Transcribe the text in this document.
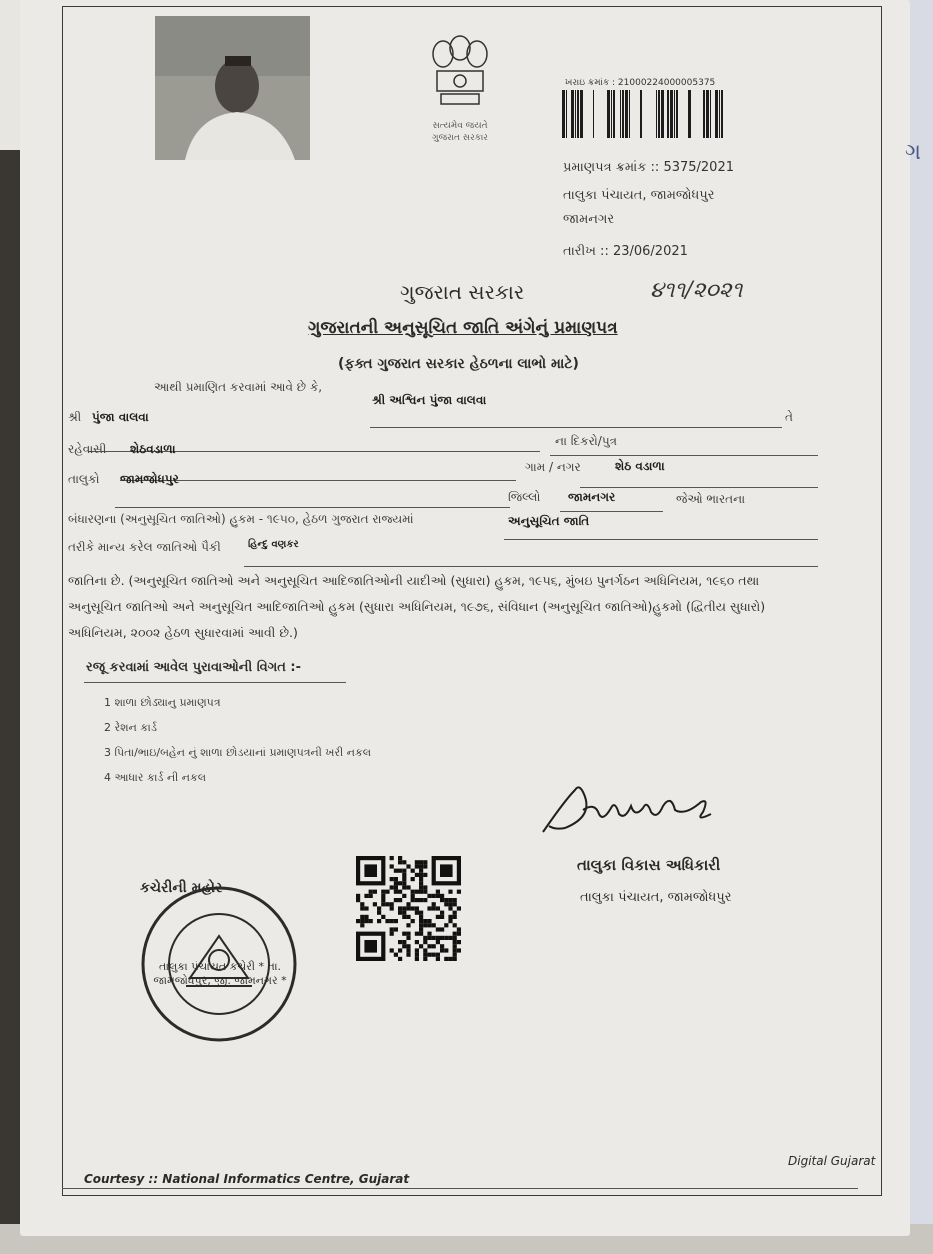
સત્યમેવ જયતે
ગુજરાત સરકાર
ખરાઇ ક્રમાંક : 21000224000005375
પ્રમાણપત્ર ક્રમાંક :: 5375/2021
તાલુકા પંચાયત, જામજોધપુર
જામનગર
તારીખ :: 23/06/2021
ગુજરાત સરકાર	૪૧૧/૨૦૨૧
ગુજરાતની અનુસૂચિત જાતિ અંગેનું પ્રમાણપત્ર
(ફક્ત ગુજરાત સરકાર હેઠળના લાભો માટે)
આથી પ્રમાણિત કરવામાં આવે છે કે,
શ્રી અશ્વિન પુંજા વાલવા
તે
શ્રી પુંજા વાલવા
ના દિકરો/પુત્ર
રહેવાસી શેઠવડાળા
ગામ / નગર	શેઠ વડાળા
તાલુકો જામજોધપુર
જિલ્લો જામનગર	જેઓ ભારતના
બંધારણના (અનુસૂચિત જાતિઓ) હુકમ - ૧૯૫૦, હેઠળ ગુજરાત રાજ્યમાં	અનુસૂચિત જાતિ
તરીકે માન્ય કરેલ જાતિઓ પૈકી	હિન્દુ વણકર
જાતિના છે. (અનુસૂચિત જાતિઓ અને અનુસૂચિત આદિજાતિઓની યાદીઓ (સુધારા) હુકમ, ૧૯૫૬, મુંબઇ પુનર્ગઠન અધિનિયમ, ૧૯૬૦ તથા
અનુસૂચિત જાતિઓ અને અનુસૂચિત આદિજાતિઓ હુકમ (સુધારા અધિનિયમ, ૧૯૭૬, સંવિધાન (અનુસૂચિત જાતિઓ)હુકમો (દ્વિતીય સુધારો)
અધિનિયમ, ૨૦૦૨ હેઠળ સુધારવામાં આવી છે.)
રજૂ કરવામાં આવેલ પુરાવાઓની વિગત :-
1 શાળા છોડ્યાનુ પ્રમાણપત્ર
2 રેશન કાર્ડ
3 પિતા/ભાઇ/બહેન નું શાળા છોડયાનાં પ્રમાણપત્રની ખરી નકલ
4 આધાર કાર્ડ ની નકલ
તાલુકા વિકાસ અધિકારી
તાલુકા પંચાયત, જામજોધપુર
કચેરીની મહોર
તાલુકા પંચાયત કચેરી * તા. જામજોધપુર, જી. જામનગર *
Courtesy :: National Informatics Centre, Gujarat
Digital Gujarat
ગ
